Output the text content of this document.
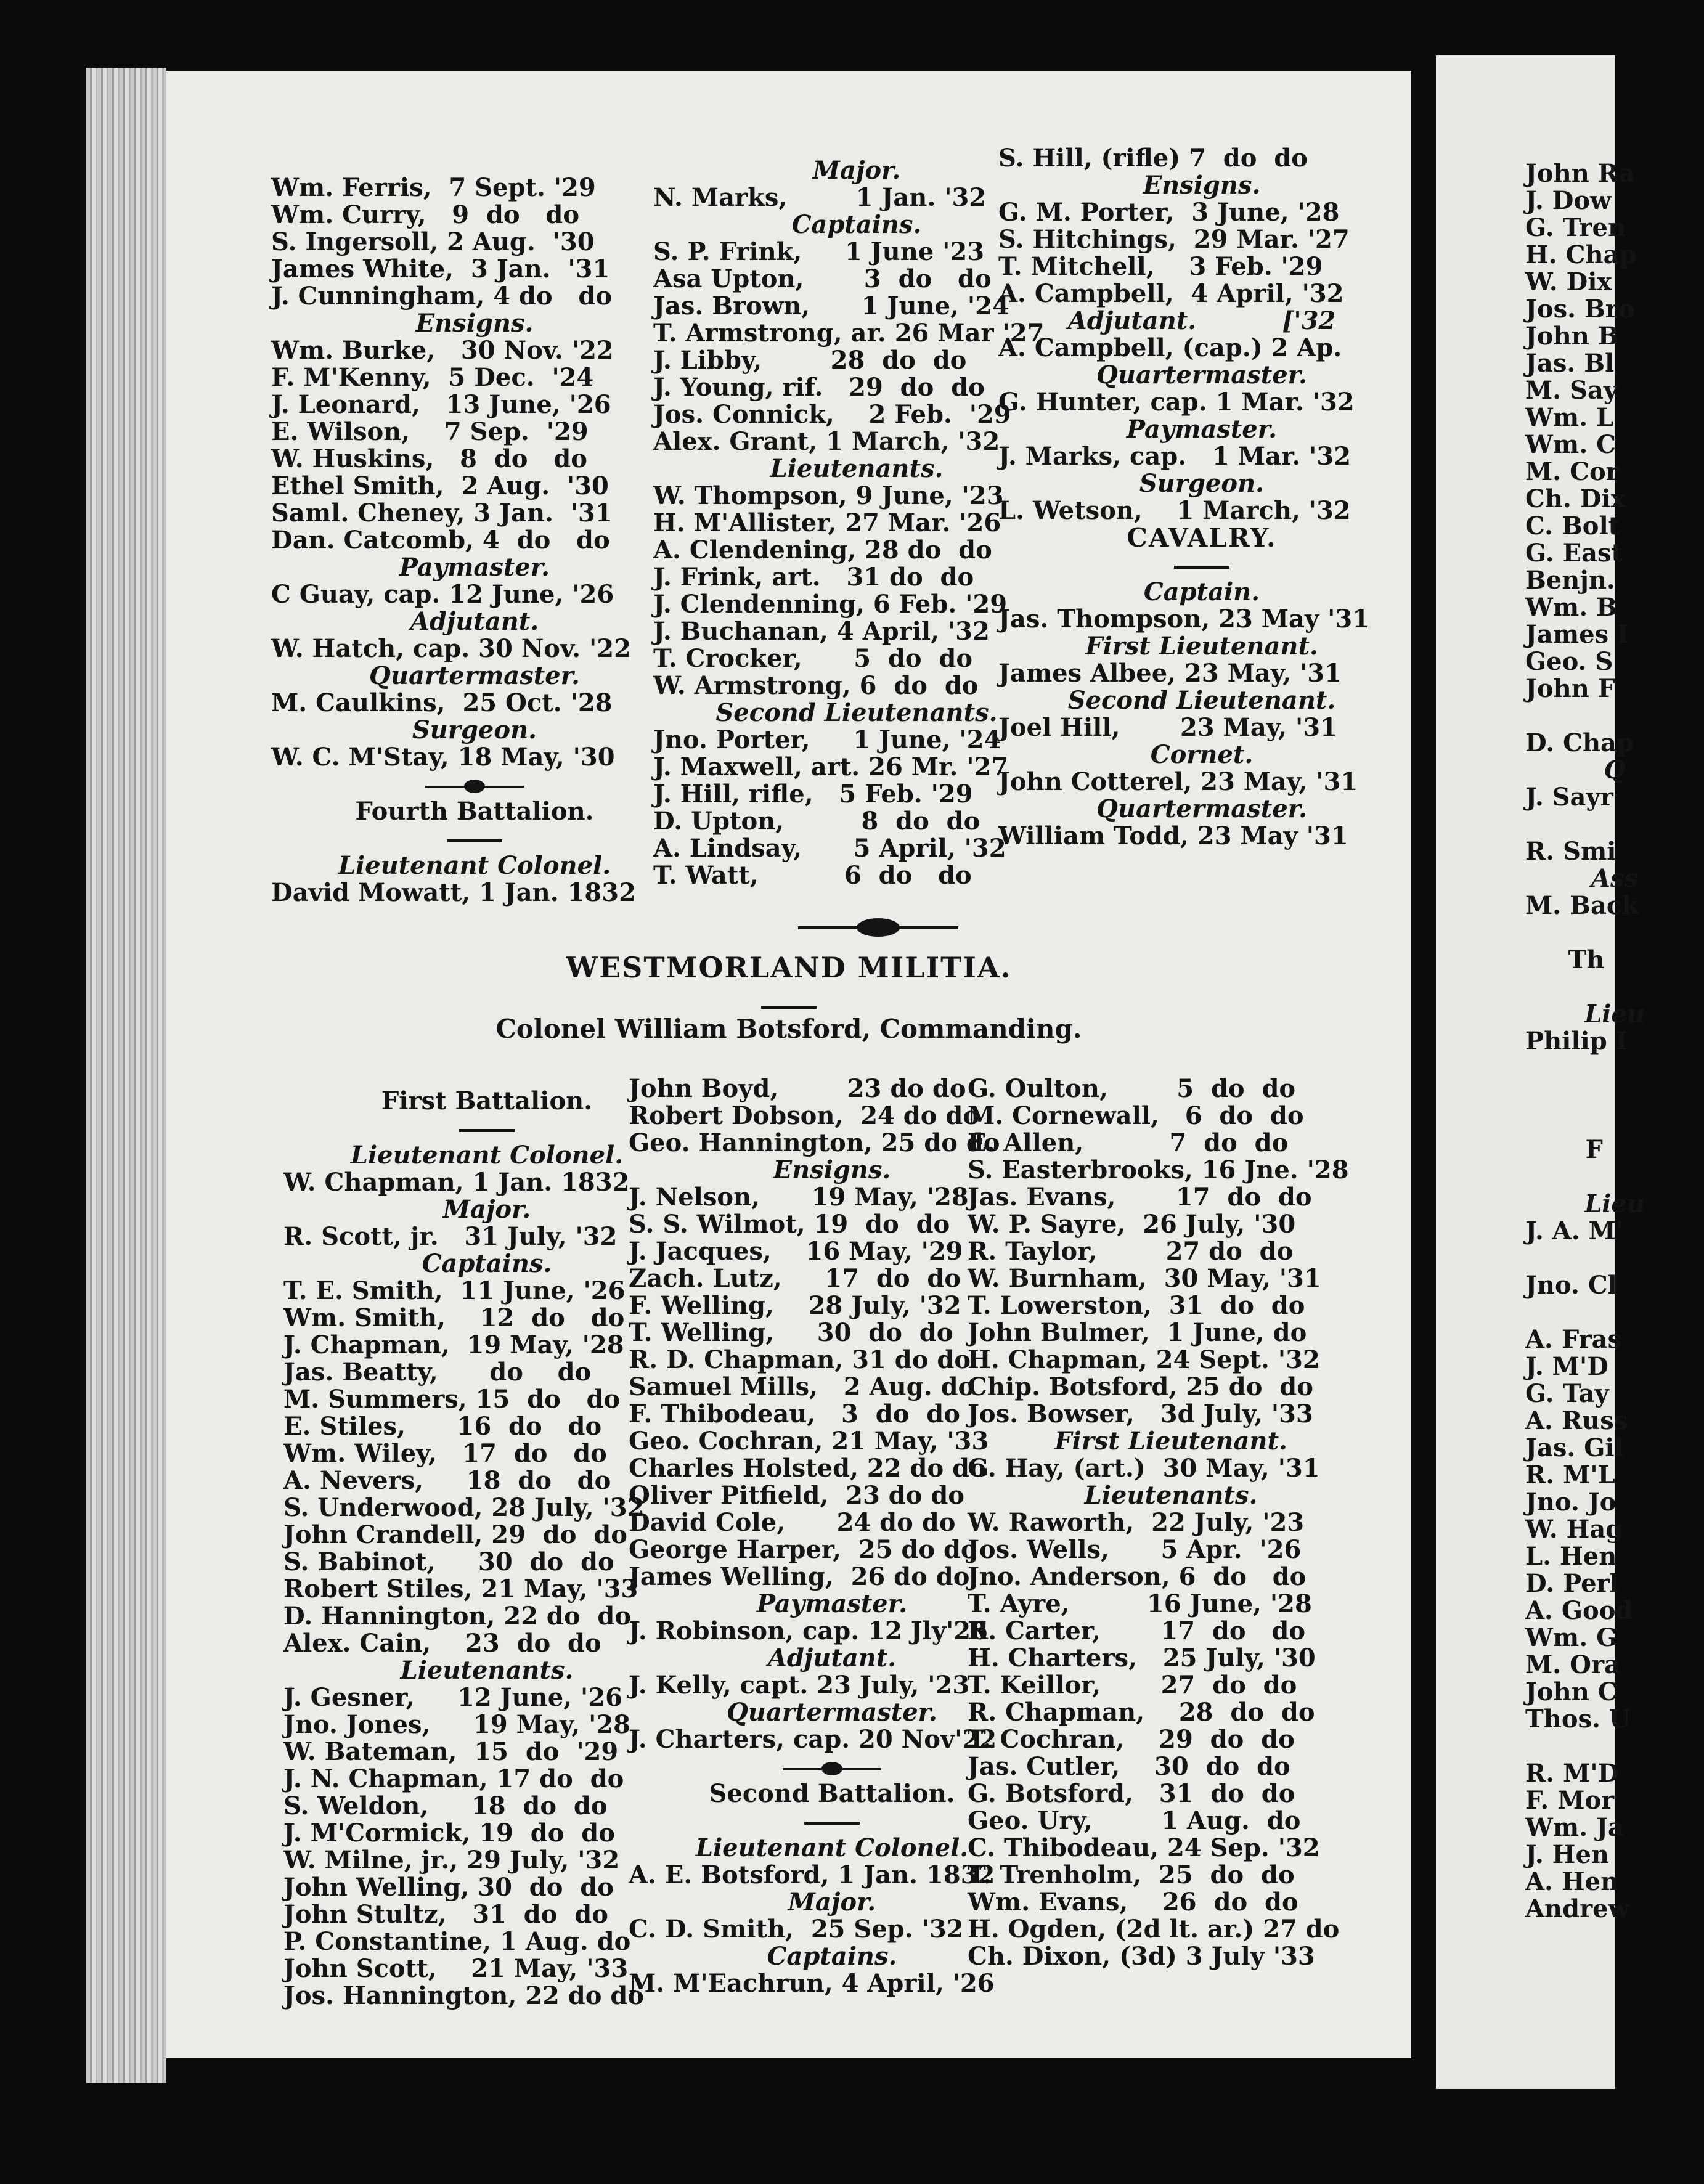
Wm. Ferris,  7 Sept. '29
Wm. Curry,   9  do   do
S. Ingersoll, 2 Aug.  '30
James White,  3 Jan.  '31
J. Cunningham, 4 do   do
Ensigns.
Wm. Burke,   30 Nov. '22
F. M'Kenny,  5 Dec.  '24
J. Leonard,   13 June, '26
E. Wilson,    7 Sep.  '29
W. Huskins,   8  do   do
Ethel Smith,  2 Aug.  '30
Saml. Cheney, 3 Jan.  '31
Dan. Catcomb, 4  do   do
Paymaster.
C Guay, cap. 12 June, '26
Adjutant.
W. Hatch, cap. 30 Nov. '22
Quartermaster.
M. Caulkins,  25 Oct. '28
Surgeon.
W. C. M'Stay, 18 May, '30
Fourth Battalion.
Lieutenant Colonel.
David Mowatt, 1 Jan. 1832
Major.
N. Marks,        1 Jan. '32
Captains.
S. P. Frink,     1 June '23
Asa Upton,       3  do   do
Jas. Brown,      1 June, '24
T. Armstrong, ar. 26 Mar '27
J. Libby,        28  do  do
J. Young, rif.   29  do  do
Jos. Connick,    2 Feb.  '29
Alex. Grant, 1 March, '32
Lieutenants.
W. Thompson, 9 June, '23
H. M'Allister, 27 Mar. '26
A. Clendening, 28 do  do
J. Frink, art.   31 do  do
J. Clendenning, 6 Feb. '29
J. Buchanan, 4 April, '32
T. Crocker,      5  do  do
W. Armstrong, 6  do  do
Second Lieutenants.
Jno. Porter,     1 June, '24
J. Maxwell, art. 26 Mr. '27
J. Hill, rifle,   5 Feb. '29
D. Upton,         8  do  do
A. Lindsay,      5 April, '32
T. Watt,          6  do   do
S. Hill, (rifle) 7  do  do
Ensigns.
G. M. Porter,  3 June, '28
S. Hitchings,  29 Mar. '27
T. Mitchell,    3 Feb. '29
A. Campbell,  4 April, '32
Adjutant.          ['32
A. Campbell, (cap.) 2 Ap.
Quartermaster.
G. Hunter, cap. 1 Mar. '32
Paymaster.
J. Marks, cap.   1 Mar. '32
Surgeon.
L. Wetson,    1 March, '32
CAVALRY.
Captain.
Jas. Thompson, 23 May '31
First Lieutenant.
James Albee, 23 May, '31
Second Lieutenant.
Joel Hill,       23 May, '31
Cornet.
John Cotterel, 23 May, '31
Quartermaster.
William Todd, 23 May '31
First Battalion.
Lieutenant Colonel.
W. Chapman, 1 Jan. 1832
Major.
R. Scott, jr.   31 July, '32
Captains.
T. E. Smith,  11 June, '26
Wm. Smith,    12  do   do
J. Chapman,  19 May, '28
Jas. Beatty,      do    do
M. Summers, 15  do   do
E. Stiles,      16  do   do
Wm. Wiley,   17  do   do
A. Nevers,     18  do   do
S. Underwood, 28 July, '32
John Crandell, 29  do  do
S. Babinot,     30  do  do
Robert Stiles, 21 May, '33
D. Hannington, 22 do  do
Alex. Cain,    23  do  do
Lieutenants.
J. Gesner,     12 June, '26
Jno. Jones,     19 May, '28
W. Bateman,  15  do  '29
J. N. Chapman, 17 do  do
S. Weldon,     18  do  do
J. M'Cormick, 19  do  do
W. Milne, jr., 29 July, '32
John Welling, 30  do  do
John Stultz,   31  do  do
P. Constantine, 1 Aug. do
John Scott,    21 May, '33
Jos. Hannington, 22 do do
John Boyd,        23 do do
Robert Dobson,  24 do do
Geo. Hannington, 25 do do
Ensigns.
J. Nelson,      19 May, '28
S. S. Wilmot, 19  do  do
J. Jacques,    16 May, '29
Zach. Lutz,     17  do  do
F. Welling,    28 July, '32
T. Welling,     30  do  do
R. D. Chapman, 31 do do
Samuel Mills,   2 Aug. do
F. Thibodeau,   3  do  do
Geo. Cochran, 21 May, '33
Charles Holsted, 22 do do
Oliver Pitfield,  23 do do
David Cole,      24 do do
George Harper,  25 do do
James Welling,  26 do do
Paymaster.
J. Robinson, cap. 12 Jly'26
Adjutant.
J. Kelly, capt. 23 July, '23
Quartermaster.
J. Charters, cap. 20 Nov'22
Second Battalion.
Lieutenant Colonel.
A. E. Botsford, 1 Jan. 1832
Major.
C. D. Smith,  25 Sep. '32
Captains.
M. M'Eachrun, 4 April, '26
G. Oulton,        5  do  do
M. Cornewall,   6  do  do
E. Allen,          7  do  do
S. Easterbrooks, 16 Jne. '28
Jas. Evans,       17  do  do
W. P. Sayre,  26 July, '30
R. Taylor,        27 do  do
W. Burnham,  30 May, '31
T. Lowerston,  31  do  do
John Bulmer,  1 June, do
H. Chapman, 24 Sept. '32
Chip. Botsford, 25 do  do
Jos. Bowser,   3d July, '33
First Lieutenant.
G. Hay, (art.)  30 May, '31
Lieutenants.
W. Raworth,  22 July, '23
Jos. Wells,      5 Apr.  '26
Jno. Anderson, 6  do   do
T. Ayre,         16 June, '28
R. Carter,       17  do   do
H. Charters,   25 July, '30
T. Keillor,       27  do  do
R. Chapman,    28  do  do
T. Cochran,    29  do  do
Jas. Cutler,    30  do  do
G. Botsford,   31  do  do
Geo. Ury,        1 Aug.  do
C. Thibodeau, 24 Sep. '32
T. Trenholm,  25  do  do
Wm. Evans,    26  do  do
H. Ogden, (2d lt. ar.) 27 do
Ch. Dixon, (3d) 3 July '33
WESTMORLAND MILITIA.
Colonel William Botsford, Commanding.
John Ra
J. Dow
G. Tren
H. Chap
W. Dix
Jos. Bro
John B
Jas. Bl
M. Say
Wm. L
Wm. C
M. Cor
Ch. Dix
C. Bolt
G. East
Benjn.
Wm. B
James I
Geo. S
John F
D. Chap
Q
J. Sayr
R. Smi
Ass
M. Back
Th
Lieu
Philip I
F
Lieu
J. A. M'
Jno. Cl
A. Fras
J. M'D
G. Tay
A. Russ
Jas. Gil
R. M'L
Jno. Jo
W. Hag
L. Hen
D. Perl
A. Good
Wm. G
M. Ora
John C
Thos. U
R. M'D
F. Mor
Wm. Ja
J. Hen
A. Hen
Andrew
